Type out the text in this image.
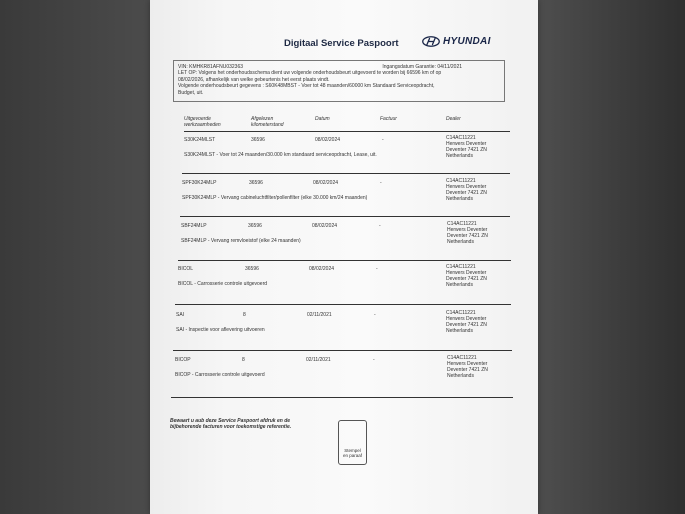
Digitaal Service Paspoort	HYUNDAI
VIN: KMHKR81AFNU032363	Ingangsdatum Garantie: 04/11/2021
LET OP: Volgens het onderhoudsschema dient uw volgende onderhoudsbeurt uitgevoerd te worden bij 66596 km of op
08/02/2026, afhankelijk van welke gebeurtenis het eerst plaats vindt.
Volgende onderhoudsbeurt gegevens : S60K48MBST - Voer tot 48 maanden/60000 km Standaard Serviceopdracht,
Budget, uit.
Uitgevoerde
werkzaamheden
Afgelezen
kilometerstand
Datum	Factuur	Dealer
S30K24MLST	36596	08/02/2024	-	C14AC11221
Herwers Deventer
Deventer 7421 ZN
Netherlands
S30K24MLST - Voer tot 24 maanden/30.000 km standaard serviceopdracht, Lease, uit.
SPF30K24MLP	36596	08/02/2024	-	C14AC11221
Herwers Deventer
Deventer 7421 ZN
Netherlands
SPF30K24MLP - Vervang cabineluchtfilter/pollenfilter (elke 30.000 km/24 maanden)
SBF24MLP	36596	08/02/2024	-	C14AC11221
Herwers Deventer
Deventer 7421 ZN
Netherlands
SBF24MLP - Vervang remvloeistof (elke 24 maanden)
BICOL	36596	08/02/2024	-	C14AC11221
Herwers Deventer
Deventer 7421 ZN
Netherlands
BICOL - Carrosserie controle uitgevoerd
SAI	8	02/11/2021	-	C14AC11221
Herwers Deventer
Deventer 7421 ZN
Netherlands
SAI - Inspectie voor aflevering uitvoeren
BICOP	8	02/11/2021	-	C14AC11221
Herwers Deventer
Deventer 7421 ZN
Netherlands
BICOP - Carrosserie controle uitgevoerd
Bewaart u aub deze Service Paspoort afdruk en de bijbehorende facturen voor toekomstige referentie.
Stempel
en paraaf
